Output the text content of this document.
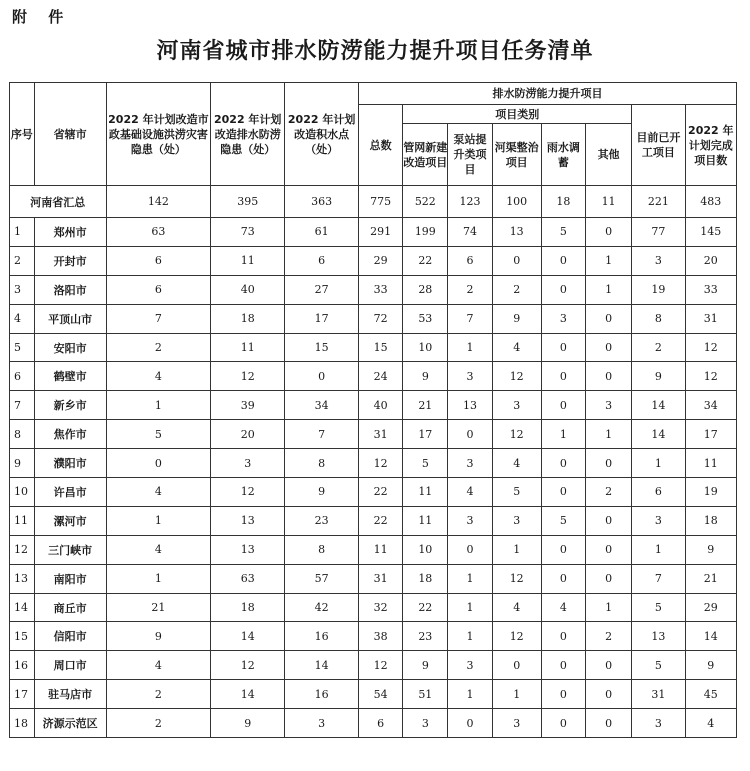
附 件
河南省城市排水防涝能力提升项目任务清单
序号	省辖市	2022 年计划改造市政基础设施洪涝灾害隐患（处）	2022 年计划改造排水防涝隐患（处）	2022 年计划改造积水点（处）	排水防涝能力提升项目							
					总数	项目类别					目前已开工项目	2022 年计划完成项目数
						管网新建改造项目	泵站提升类项目	河渠整治项目	雨水调蓄	其他		
河南省汇总		142	395	363	775	522	123	100	18	11	221	483
1	郑州市	63	73	61	291	199	74	13	5	0	77	145
2	开封市	6	11	6	29	22	6	0	0	1	3	20
3	洛阳市	6	40	27	33	28	2	2	0	1	19	33
4	平顶山市	7	18	17	72	53	7	9	3	0	8	31
5	安阳市	2	11	15	15	10	1	4	0	0	2	12
6	鹤壁市	4	12	0	24	9	3	12	0	0	9	12
7	新乡市	1	39	34	40	21	13	3	0	3	14	34
8	焦作市	5	20	7	31	17	0	12	1	1	14	17
9	濮阳市	0	3	8	12	5	3	4	0	0	1	11
10	许昌市	4	12	9	22	11	4	5	0	2	6	19
11	漯河市	1	13	23	22	11	3	3	5	0	3	18
12	三门峡市	4	13	8	11	10	0	1	0	0	1	9
13	南阳市	1	63	57	31	18	1	12	0	0	7	21
14	商丘市	21	18	42	32	22	1	4	4	1	5	29
15	信阳市	9	14	16	38	23	1	12	0	2	13	14
16	周口市	4	12	14	12	9	3	0	0	0	5	9
17	驻马店市	2	14	16	54	51	1	1	0	0	31	45
18	济源示范区	2	9	3	6	3	0	3	0	0	3	4
